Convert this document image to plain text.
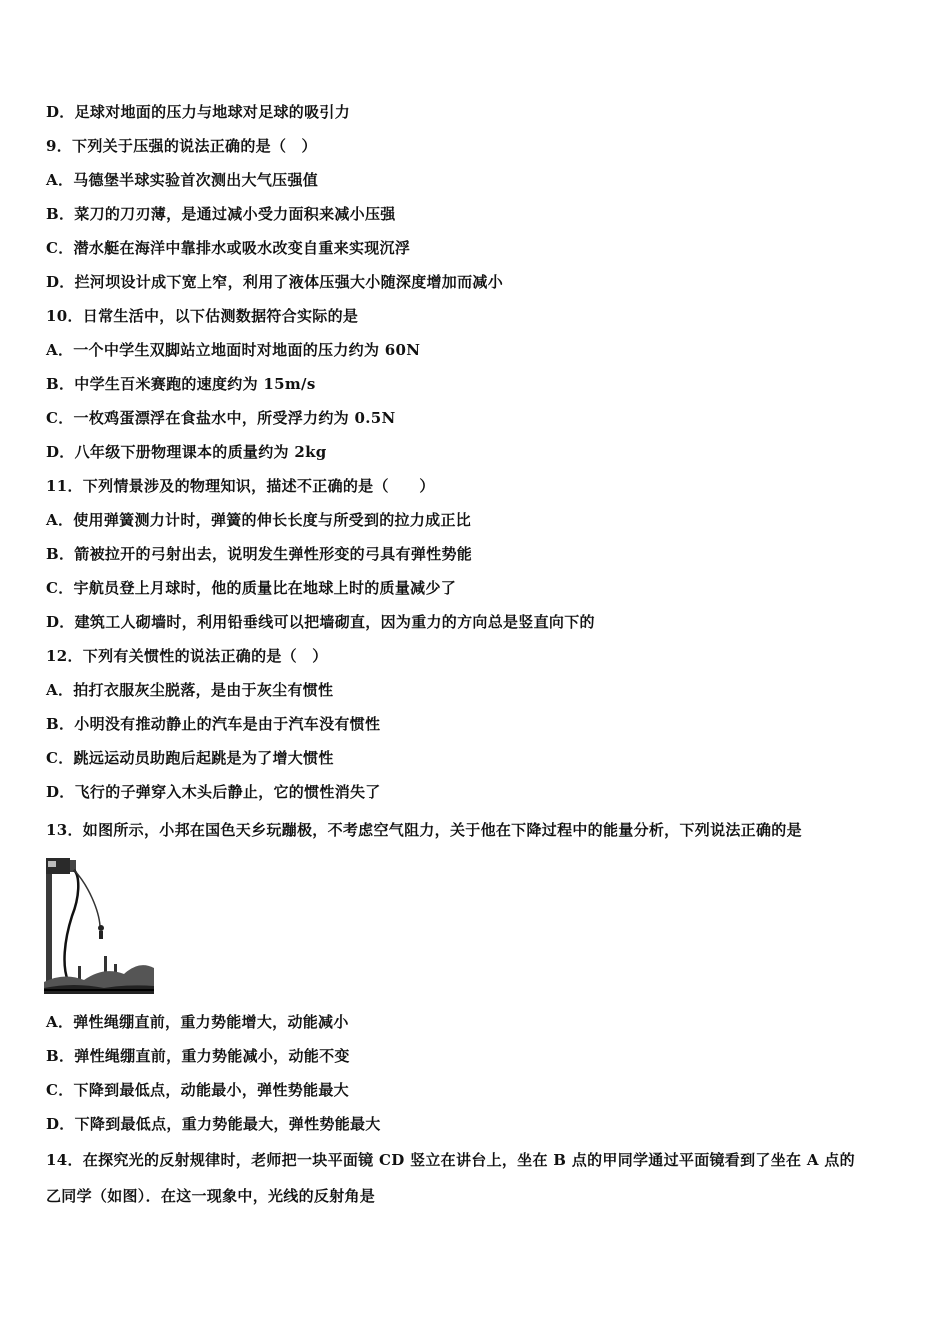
D．足球对地面的压力与地球对足球的吸引力
9．下列关于压强的说法正确的是（　）
A．马德堡半球实验首次测出大气压强值
B．菜刀的刀刃薄，是通过减小受力面积来减小压强
C．潜水艇在海洋中靠排水或吸水改变自重来实现沉浮
D．拦河坝设计成下宽上窄，利用了液体压强大小随深度增加而减小
10．日常生活中，以下估测数据符合实际的是
A．一个中学生双脚站立地面时对地面的压力约为 60N
B．中学生百米赛跑的速度约为 15m/s
C．一枚鸡蛋漂浮在食盐水中，所受浮力约为 0.5N
D．八年级下册物理课本的质量约为 2kg
11．下列情景涉及的物理知识，描述不正确的是（　　）
A．使用弹簧测力计时，弹簧的伸长长度与所受到的拉力成正比
B．箭被拉开的弓射出去，说明发生弹性形变的弓具有弹性势能
C．宇航员登上月球时，他的质量比在地球上时的质量减少了
D．建筑工人砌墙时，利用铅垂线可以把墙砌直，因为重力的方向总是竖直向下的
12．下列有关惯性的说法正确的是（　）
A．拍打衣服灰尘脱落，是由于灰尘有惯性
B．小明没有推动静止的汽车是由于汽车没有惯性
C．跳远运动员助跑后起跳是为了增大惯性
D．飞行的子弹穿入木头后静止，它的惯性消失了
13．如图所示，小邦在国色天乡玩蹦极，不考虑空气阻力，关于他在下降过程中的能量分析，下列说法正确的是
A．弹性绳绷直前，重力势能增大，动能减小
B．弹性绳绷直前，重力势能减小，动能不变
C．下降到最低点，动能最小，弹性势能最大
D．下降到最低点，重力势能最大，弹性势能最大
14．在探究光的反射规律时，老师把一块平面镜 CD 竖立在讲台上，坐在 B 点的甲同学通过平面镜看到了坐在 A 点的
乙同学（如图）．在这一现象中，光线的反射角是
